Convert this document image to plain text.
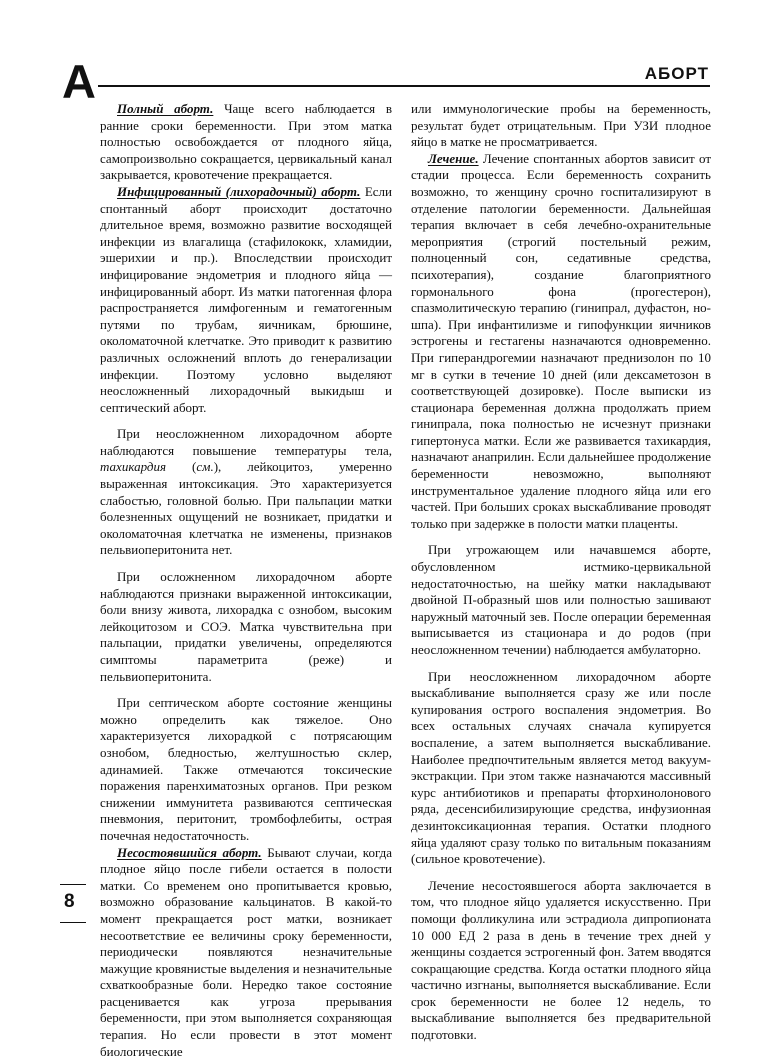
А	АБОРТ

Полный аборт. Чаще всего наблюдается в ранние сроки беременности. При этом матка полностью освобождается от плодного яйца, самопроизвольно сокращается, цервикальный канал закрывается, кровотечение прекращается.

Инфицированный (лихорадочный) аборт. Если спонтанный аборт происходит достаточно длительное время, возможно развитие восходящей инфекции из влагалища (стафилококк, хламидии, эшерихии и пр.). Впоследствии происходит инфицирование эндометрия и плодного яйца — инфицированный аборт. Из матки патогенная флора распространяется лимфогенным и гематогенным путями по трубам, яичникам, брюшине, околоматочной клетчатке. Это приводит к развитию различных осложнений вплоть до генерализации инфекции. Поэтому условно выделяют неосложненный лихорадочный выкидыш и септический аборт.

При неосложненном лихорадочном аборте наблюдаются повышение температуры тела, тахикардия (см.), лейкоцитоз, умеренно выраженная интоксикация. Это характеризуется слабостью, головной болью. При пальпации матки болезненных ощущений не возникает, придатки и околоматочная клетчатка не изменены, признаков пельвиоперитонита нет.

При осложненном лихорадочном аборте наблюдаются признаки выраженной интоксикации, боли внизу живота, лихорадка с ознобом, высоким лейкоцитозом и СОЭ. Матка чувствительна при пальпации, придатки увеличены, определяются симптомы параметрита (реже) и пельвиоперитонита.

При септическом аборте состояние женщины можно определить как тяжелое. Оно характеризуется лихорадкой с потрясающим ознобом, бледностью, желтушностью склер, адинамией. Также отмечаются токсические поражения паренхиматозных органов. При резком снижении иммунитета развиваются септическая пневмония, перитонит, тромбофлебиты, острая почечная недостаточность.

Несостоявшийся аборт. Бывают случаи, когда плодное яйцо после гибели остается в полости матки. Со временем оно пропитывается кровью, возможно образование кальцинатов. В какой-то момент прекращается рост матки, возникает несоответствие ее величины сроку беременности, периодически появляются незначительные мажущие кровянистые выделения и незначительные схваткообразные боли. Нередко такое состояние расценивается как угроза прерывания беременности, при этом выполняется сохраняющая терапия. Но если провести в этот момент биологические

или иммунологические пробы на беременность, результат будет отрицательным. При УЗИ плодное яйцо в матке не просматривается.

Лечение. Лечение спонтанных абортов зависит от стадии процесса. Если беременность сохранить возможно, то женщину срочно госпитализируют в отделение патологии беременности. Дальнейшая терапия включает в себя лечебно-охранительные мероприятия (строгий постельный режим, полноценный сон, седативные средства, психотерапия), создание благоприятного гормонального фона (прогестерон), спазмолитическую терапию (гинипрал, дуфастон, но-шпа). При инфантилизме и гипофункции яичников эстрогены и гестагены назначаются одновременно. При гиперандрогемии назначают преднизолон по 10 мг в сутки в течение 10 дней (или дексаметозон в соответствующей дозировке). После выписки из стационара беременная должна продолжать прием гинипрала, пока полностью не исчезнут признаки гипертонуса матки. Если же развивается тахикардия, назначают анаприлин. Если дальнейшее продолжение беременности невозможно, выполняют инструментальное удаление плодного яйца или его частей. При больших сроках выскабливание проводят только при задержке в полости матки плаценты.

При угрожающем или начавшемся аборте, обусловленном истмико-цервикальной недостаточностью, на шейку матки накладывают двойной П-образный шов или полностью зашивают наружный маточный зев. После операции беременная выписывается из стационара и до родов (при неосложненном течении) наблюдается амбулаторно.

При неосложненном лихорадочном аборте выскабливание выполняется сразу же или после купирования острого воспаления эндометрия. Во всех остальных случаях сначала купируется воспаление, а затем выполняется выскабливание. Наиболее предпочтительным является метод вакуум-экстракции. При этом также назначаются массивный курс антибиотиков и препараты фторхинолонового ряда, десенсибилизирующие средства, инфузионная дезинтоксикационная терапия. Остатки плодного яйца удаляют сразу только по витальным показаниям (сильное кровотечение).

Лечение несостоявшегося аборта заключается в том, что плодное яйцо удаляется искусственно. При помощи фолликулина или эстрадиола дипропионата 10 000 ЕД 2 раза в день в течение трех дней у женщины создается эстрогенный фон. Затем вводятся сокращающие средства. Когда остатки плодного яйца частично изгнаны, выполняется выскабливание. Если срок беременности не более 12 недель, то выскабливание выполняется без предварительной подготовки.

8
